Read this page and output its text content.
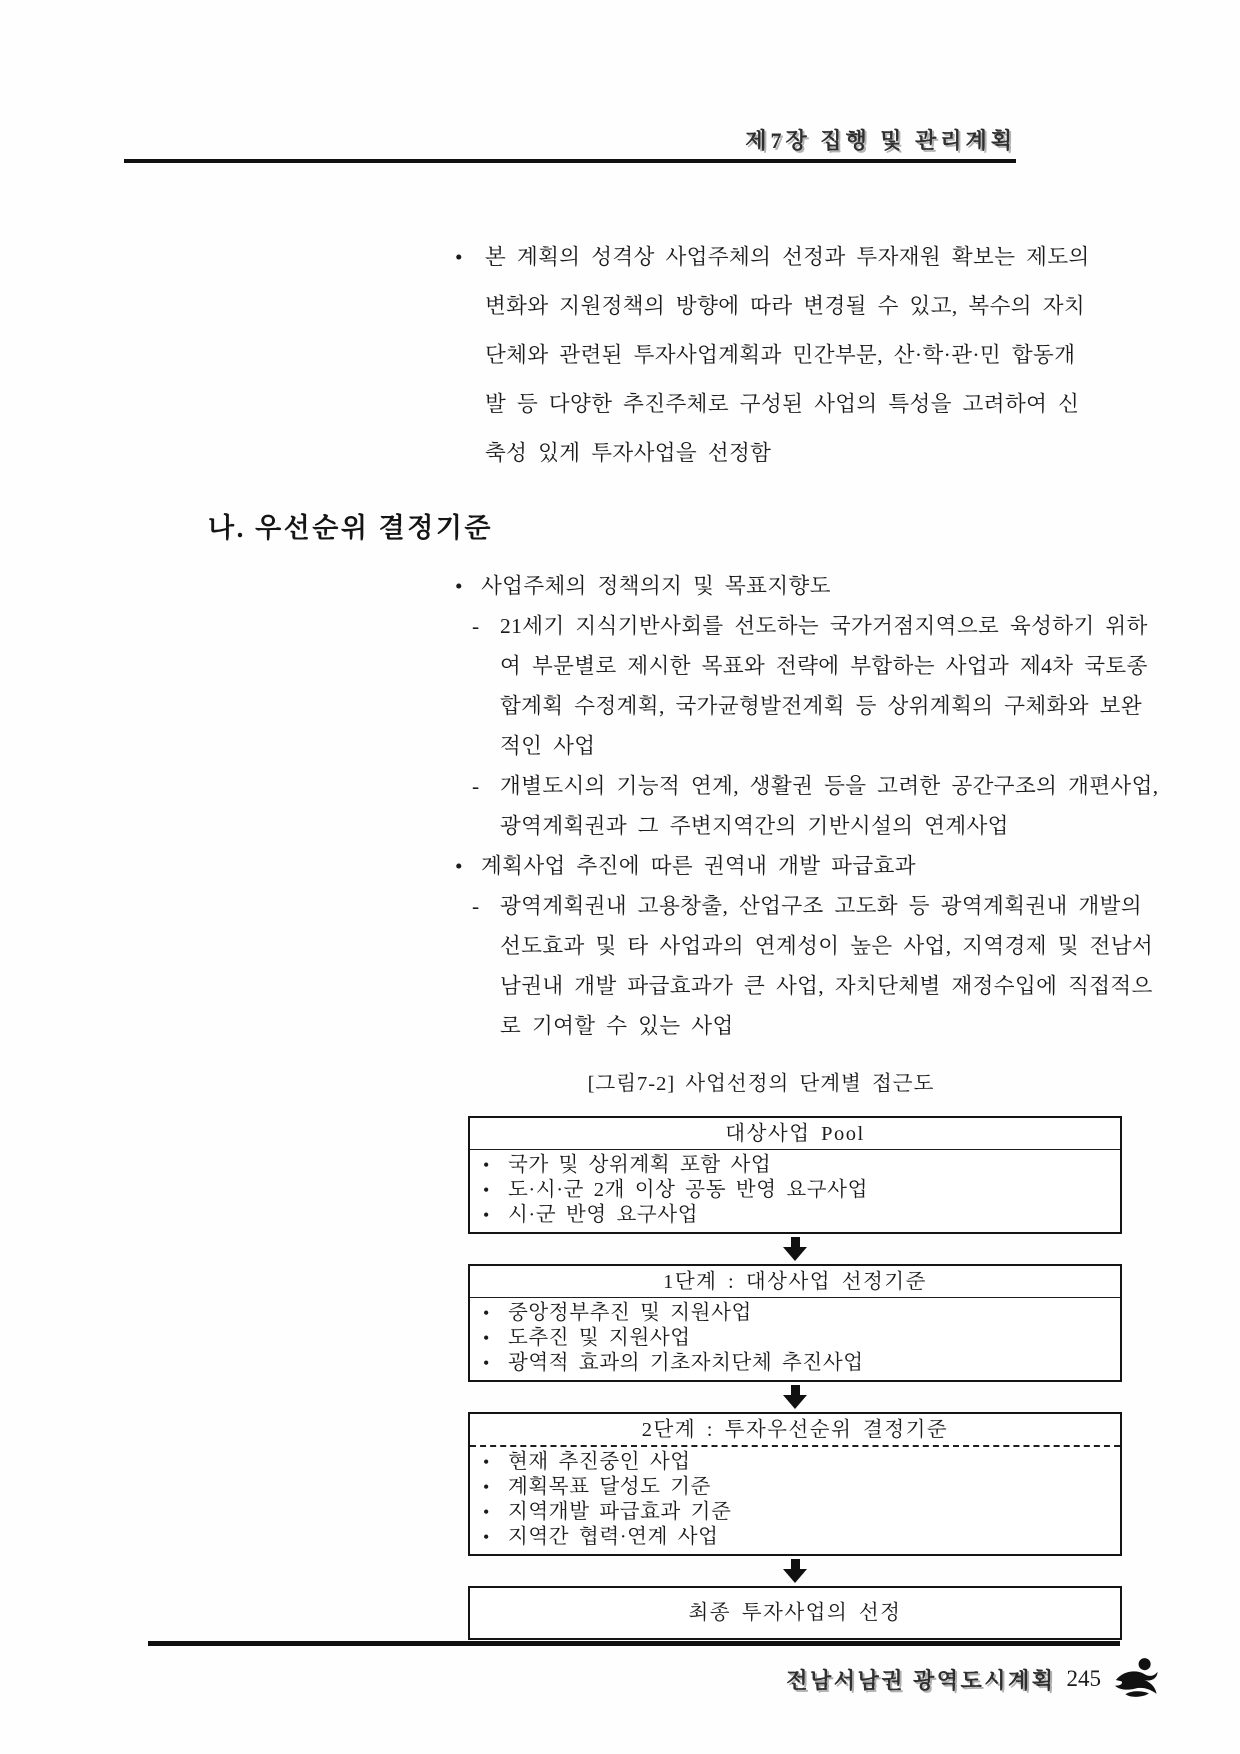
제7장 집행 및 관리계획
•	본 계획의 성격상 사업주체의 선정과 투자재원 확보는 제도의
변화와 지원정책의 방향에 따라 변경될 수 있고, 복수의 자치
단체와 관련된 투자사업계획과 민간부문, 산·학·관·민 합동개
발 등 다양한 추진주체로 구성된 사업의 특성을 고려하여 신
축성 있게 투자사업을 선정함
나. 우선순위 결정기준
• 사업주체의 정책의지 및 목표지향도
- 21세기 지식기반사회를 선도하는 국가거점지역으로 육성하기 위하
여 부문별로 제시한 목표와 전략에 부합하는 사업과 제4차 국토종
합계획 수정계획, 국가균형발전계획 등 상위계획의 구체화와 보완
적인 사업
- 개별도시의 기능적 연계, 생활권 등을 고려한 공간구조의 개편사업,
광역계획권과 그 주변지역간의 기반시설의 연계사업
• 계획사업 추진에 따른 권역내 개발 파급효과
- 광역계획권내 고용창출, 산업구조 고도화 등 광역계획권내 개발의
선도효과 및 타 사업과의 연계성이 높은 사업, 지역경제 및 전남서
남권내 개발 파급효과가 큰 사업, 자치단체별 재정수입에 직접적으
로 기여할 수 있는 사업
[그림7-2] 사업선정의 단계별 접근도
대상사업 Pool
• 국가 및 상위계획 포함 사업
• 도·시·군 2개 이상 공동 반영 요구사업
• 시·군 반영 요구사업
1단계 : 대상사업 선정기준
• 중앙정부추진 및 지원사업
• 도추진 및 지원사업
• 광역적 효과의 기초자치단체 추진사업
2단계 : 투자우선순위 결정기준
• 현재 추진중인 사업
• 계획목표 달성도 기준
• 지역개발 파급효과 기준
• 지역간 협력·연계 사업
최종 투자사업의 선정
전남서남권 광역도시계획 245
